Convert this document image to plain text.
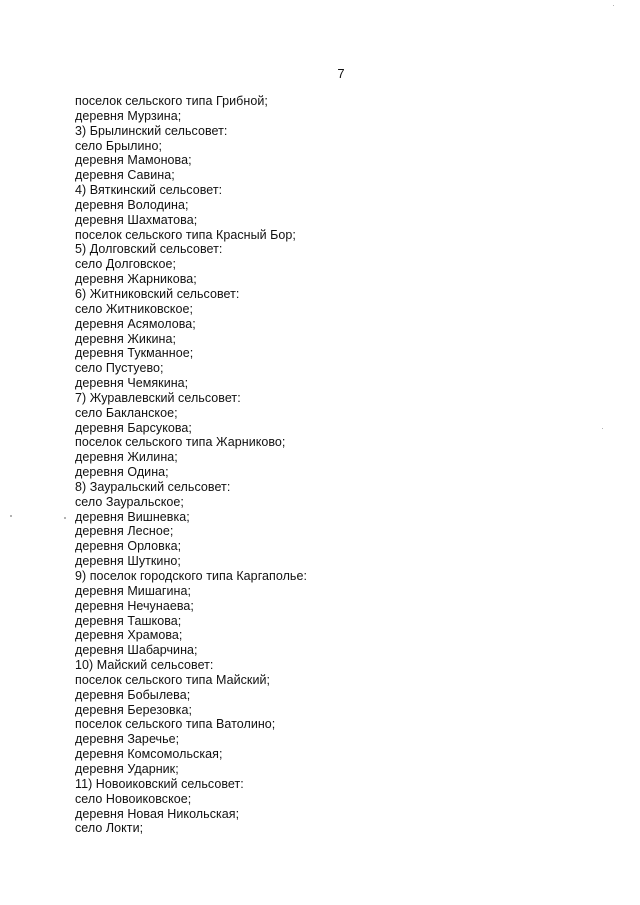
7
поселок сельского типа Грибной;
деревня Мурзина;
3) Брылинский сельсовет:
село Брылино;
деревня Мамонова;
деревня Савина;
4) Вяткинский сельсовет:
деревня Володина;
деревня Шахматова;
поселок сельского типа Красный Бор;
5) Долговский сельсовет:
село Долговское;
деревня Жарникова;
6) Житниковский сельсовет:
село Житниковское;
деревня Асямолова;
деревня Жикина;
деревня Тукманное;
село Пустуево;
деревня Чемякина;
7) Журавлевский сельсовет:
село Бакланское;
деревня Барсукова;
поселок сельского типа Жарниково;
деревня Жилина;
деревня Одина;
8) Зауральский сельсовет:
село Зауральское;
деревня Вишневка;
деревня Лесное;
деревня Орловка;
деревня Шуткино;
9) поселок городского типа Каргаполье:
деревня Мишагина;
деревня Нечунаева;
деревня Ташкова;
деревня Храмова;
деревня Шабарчина;
10) Майский сельсовет:
поселок сельского типа Майский;
деревня Бобылева;
деревня Березовка;
поселок сельского типа Ватолино;
деревня Заречье;
деревня Комсомольская;
деревня Ударник;
11) Новоиковский сельсовет:
село Новоиковское;
деревня Новая Никольская;
село Локти;
